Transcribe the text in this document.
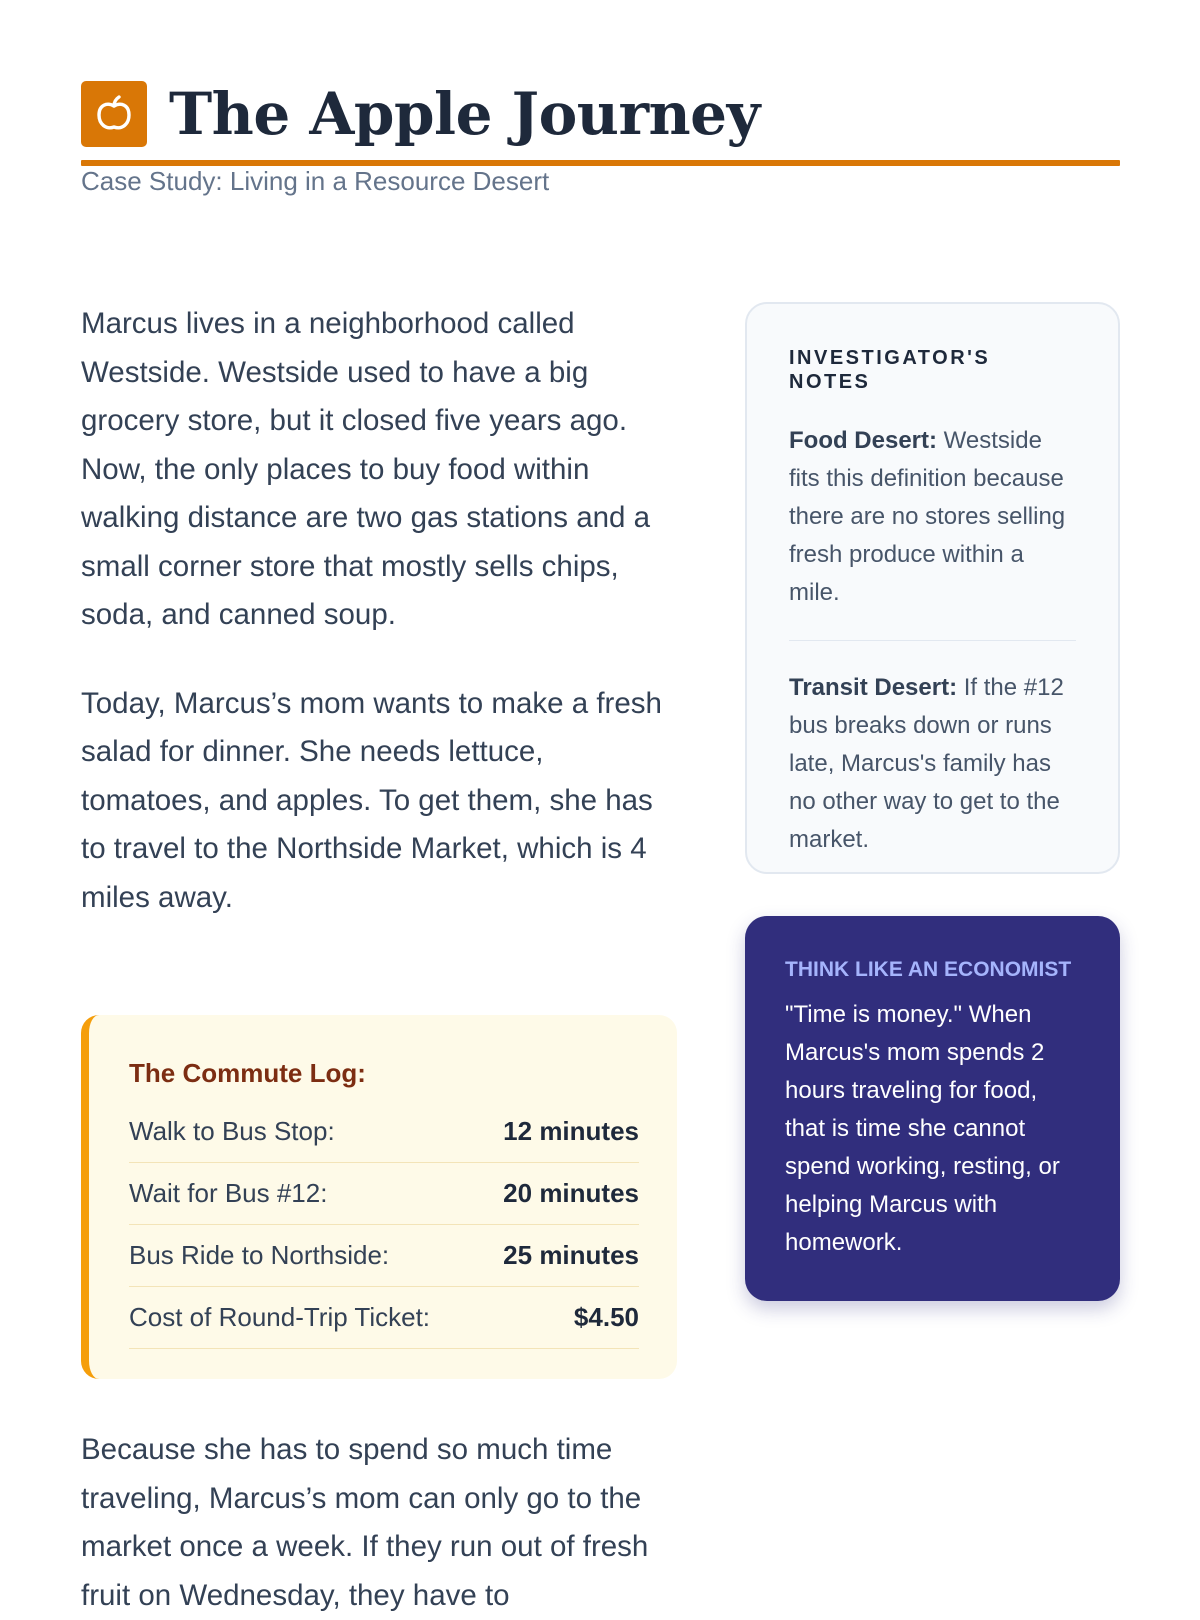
The Apple Journey

Case Study: Living in a Resource Desert

Marcus lives in a neighborhood called Westside. Westside used to have a big grocery store, but it closed five years ago. Now, the only places to buy food within walking distance are two gas stations and a small corner store that mostly sells chips, soda, and canned soup.

Today, Marcus’s mom wants to make a fresh salad for dinner. She needs lettuce, tomatoes, and apples. To get them, she has to travel to the Northside Market, which is 4 miles away.

The Commute Log:
Walk to Bus Stop:	12 minutes
Wait for Bus #12:	20 minutes
Bus Ride to Northside:	25 minutes
Cost of Round-Trip Ticket:	$4.50

Because she has to spend so much time traveling, Marcus’s mom can only go to the market once a week. If they run out of fresh fruit on Wednesday, they have to

INVESTIGATOR'S NOTES

Food Desert: Westside fits this definition because there are no stores selling fresh produce within a mile.

Transit Desert: If the #12 bus breaks down or runs late, Marcus's family has no other way to get to the market.

THINK LIKE AN ECONOMIST

"Time is money." When Marcus's mom spends 2 hours traveling for food, that is time she cannot spend working, resting, or helping Marcus with homework.
